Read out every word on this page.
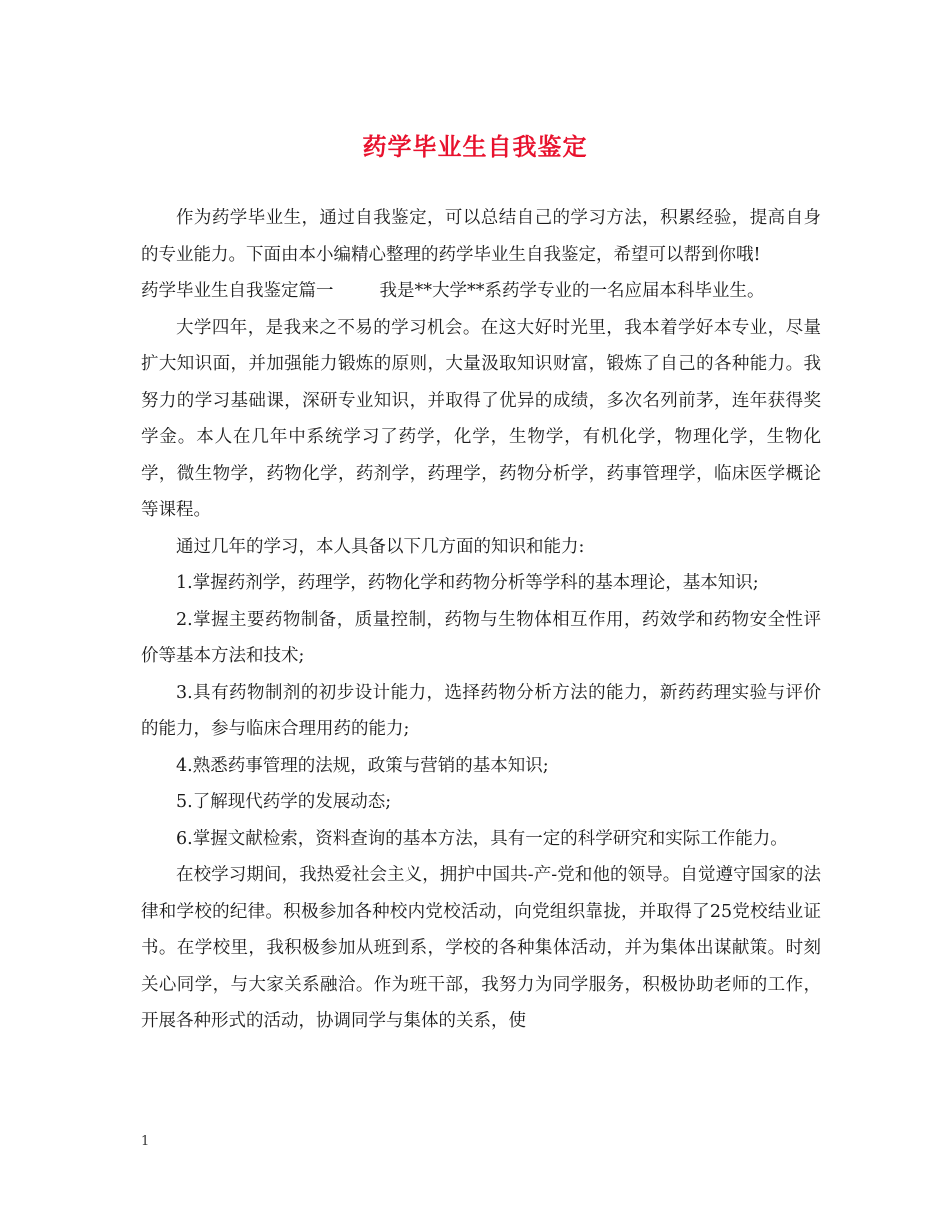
药学毕业生自我鉴定

作为药学毕业生，通过自我鉴定，可以总结自己的学习方法，积累经验，提高自身的专业能力。下面由本小编精心整理的药学毕业生自我鉴定，希望可以帮到你哦!

药学毕业生自我鉴定篇一	我是**大学**系药学专业的一名应届本科毕业生。

大学四年，是我来之不易的学习机会。在这大好时光里，我本着学好本专业，尽量扩大知识面，并加强能力锻炼的原则，大量汲取知识财富，锻炼了自己的各种能力。我努力的学习基础课，深研专业知识，并取得了优异的成绩，多次名列前茅，连年获得奖学金。本人在几年中系统学习了药学，化学，生物学，有机化学，物理化学，生物化学，微生物学，药物化学，药剂学，药理学，药物分析学，药事管理学，临床医学概论等课程。

通过几年的学习，本人具备以下几方面的知识和能力:

1.掌握药剂学，药理学，药物化学和药物分析等学科的基本理论，基本知识;

2.掌握主要药物制备，质量控制，药物与生物体相互作用，药效学和药物安全性评价等基本方法和技术;

3.具有药物制剂的初步设计能力，选择药物分析方法的能力，新药药理实验与评价的能力，参与临床合理用药的能力;

4.熟悉药事管理的法规，政策与营销的基本知识;

5.了解现代药学的发展动态;

6.掌握文献检索，资料查询的基本方法，具有一定的科学研究和实际工作能力。

在校学习期间，我热爱社会主义，拥护中国共-产-党和他的领导。自觉遵守国家的法律和学校的纪律。积极参加各种校内党校活动，向党组织靠拢，并取得了25党校结业证书。在学校里，我积极参加从班到系，学校的各种集体活动，并为集体出谋献策。时刻关心同学，与大家关系融洽。作为班干部，我努力为同学服务，积极协助老师的工作，开展各种形式的活动，协调同学与集体的关系，使

1
